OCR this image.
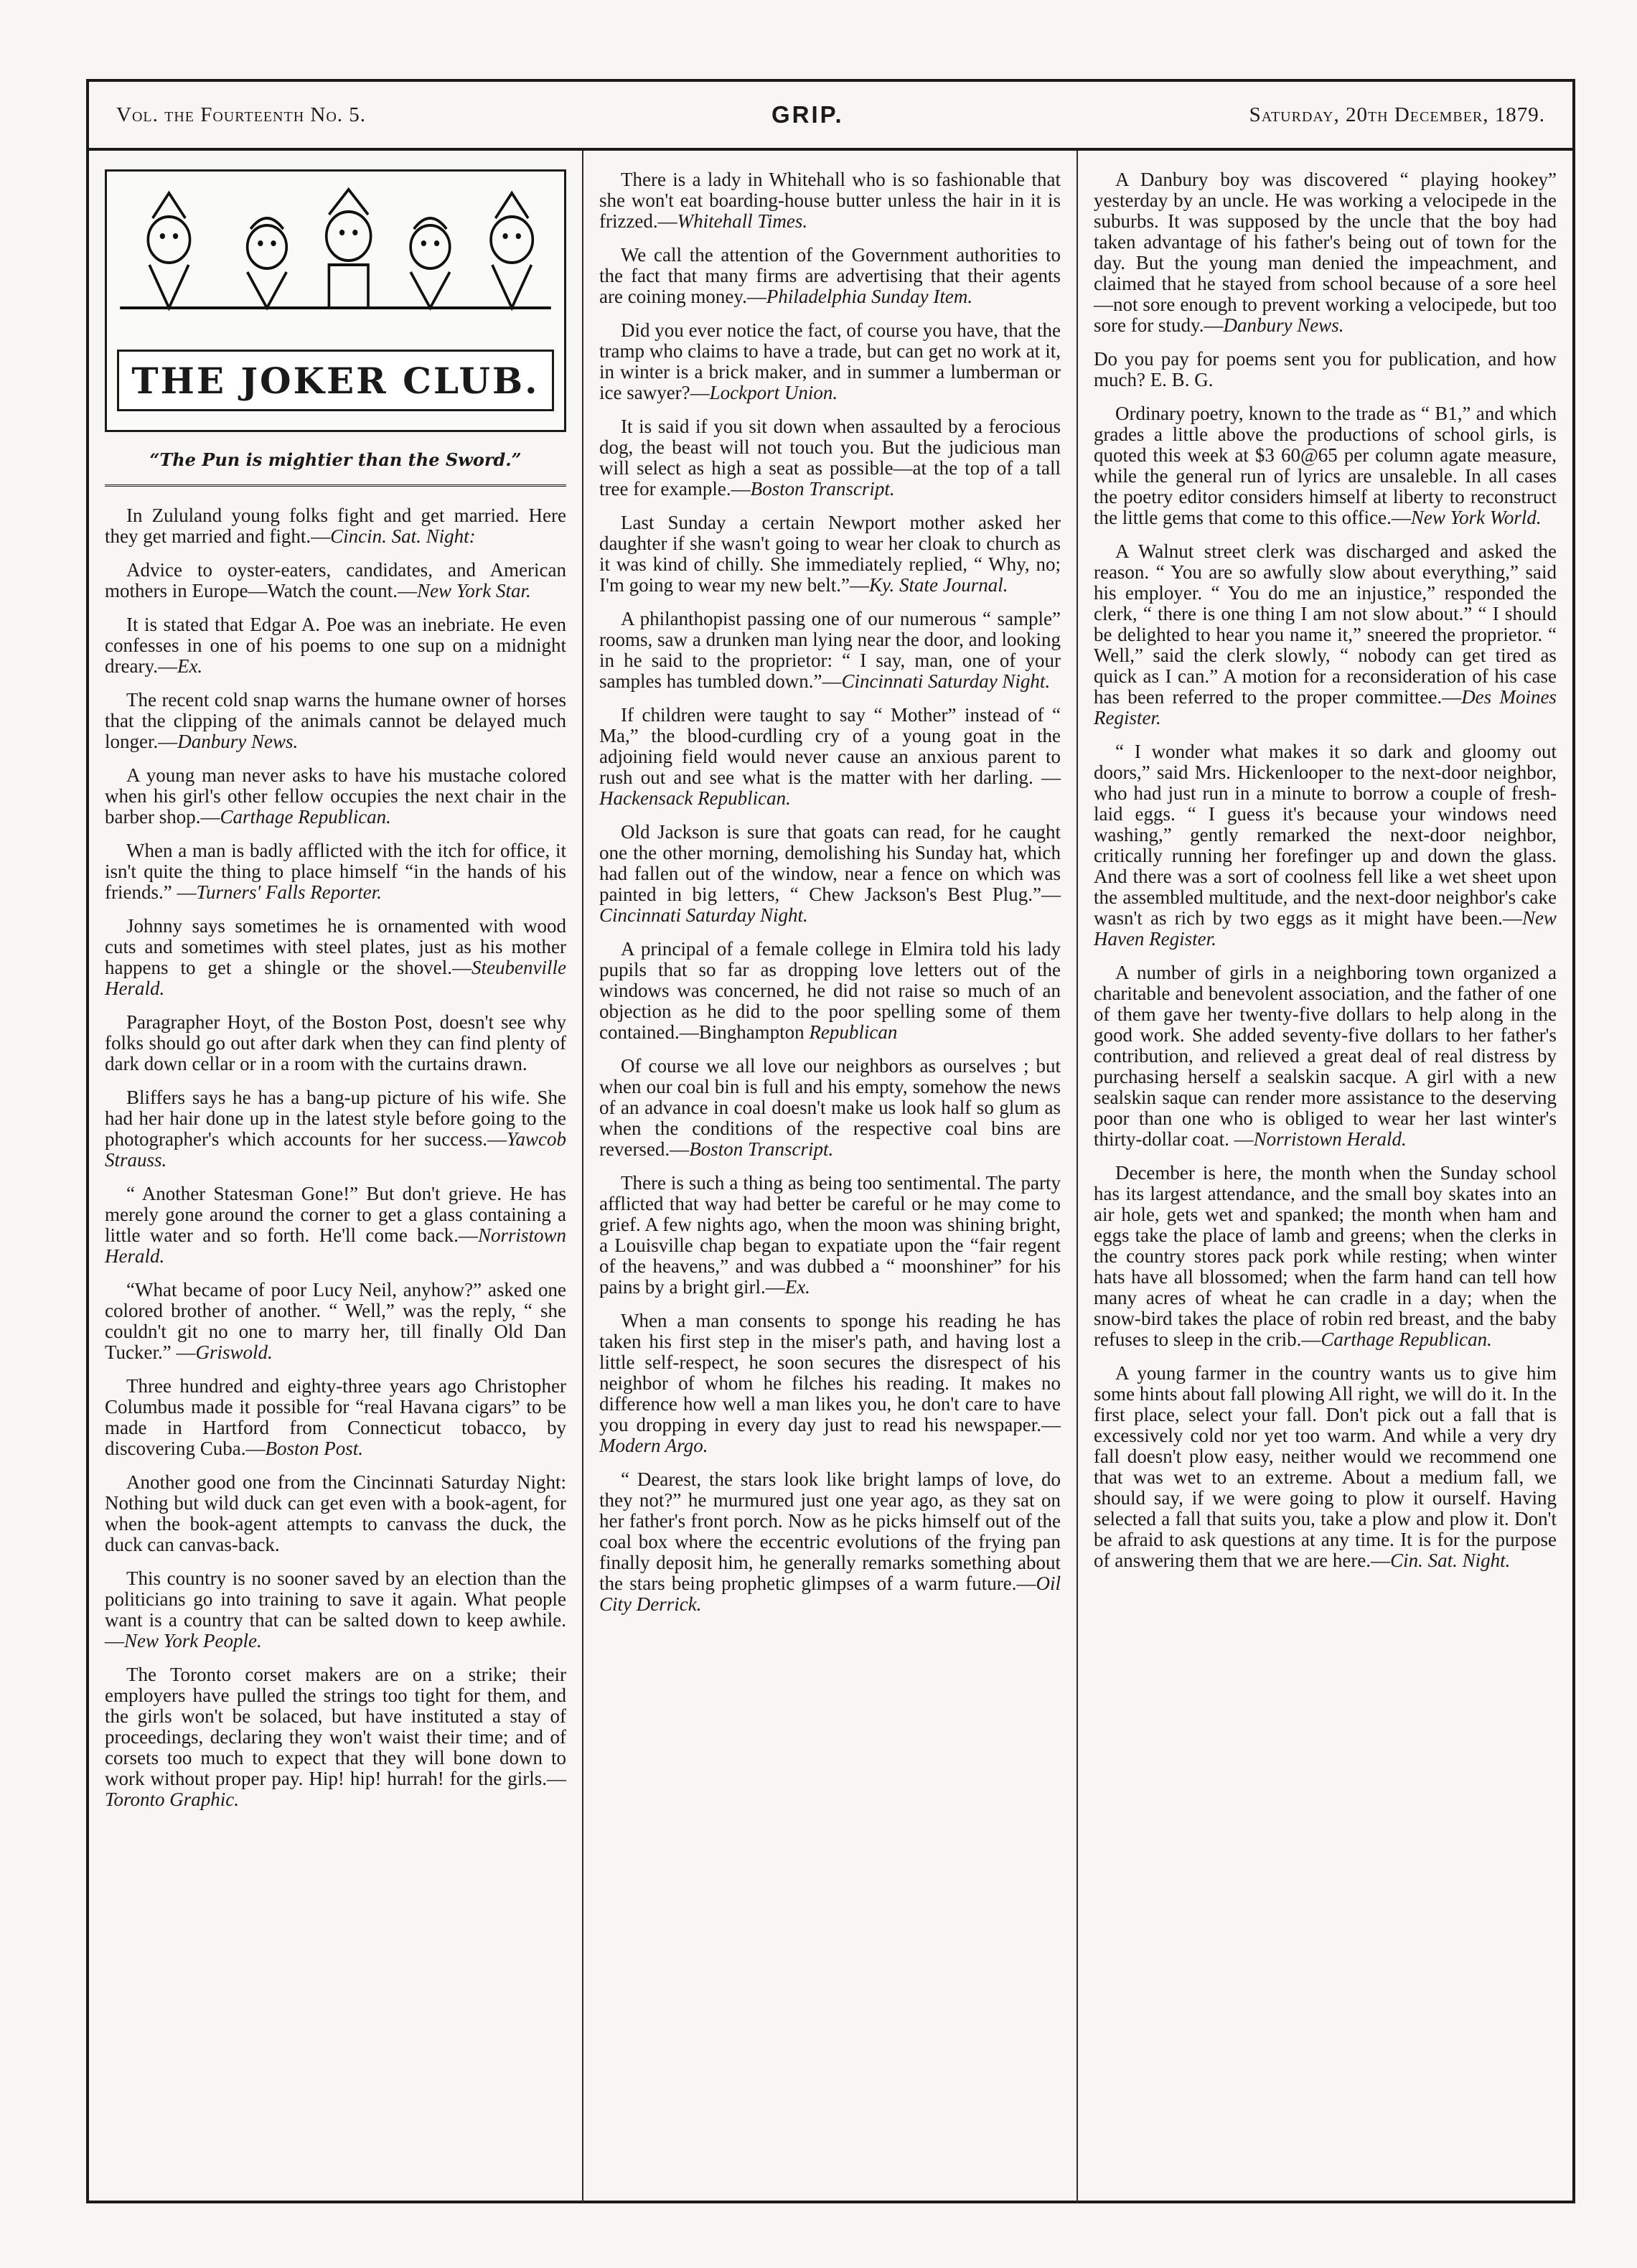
Vol. the Fourteenth No. 5.	GRIP.	Saturday, 20th December, 1879.
THE JOKER CLUB.
“The Pun is mightier than the Sword.”

In Zululand young folks fight and get married. Here they get married and fight.—Cincin. Sat. Night:

Advice to oyster-eaters, candidates, and American mothers in Europe—Watch the count.—New York Star.

It is stated that Edgar A. Poe was an inebriate. He even confesses in one of his poems to one sup on a midnight dreary.—Ex.

The recent cold snap warns the humane owner of horses that the clipping of the animals cannot be delayed much longer.—Danbury News.

A young man never asks to have his mustache colored when his girl's other fellow occupies the next chair in the barber shop.—Carthage Republican.

When a man is badly afflicted with the itch for office, it isn't quite the thing to place himself “in the hands of his friends.” —Turners' Falls Reporter.

Johnny says sometimes he is ornamented with wood cuts and sometimes with steel plates, just as his mother happens to get a shingle or the shovel.—Steubenville Herald.

Paragrapher Hoyt, of the Boston Post, doesn't see why folks should go out after dark when they can find plenty of dark down cellar or in a room with the curtains drawn.

Bliffers says he has a bang-up picture of his wife. She had her hair done up in the latest style before going to the photographer's which accounts for her success.—Yawcob Strauss.

“ Another Statesman Gone!” But don't grieve. He has merely gone around the corner to get a glass containing a little water and so forth. He'll come back.—Norristown Herald.

“What became of poor Lucy Neil, anyhow?” asked one colored brother of another. “ Well,” was the reply, “ she couldn't git no one to marry her, till finally Old Dan Tucker.” —Griswold.

Three hundred and eighty-three years ago Christopher Columbus made it possible for “real Havana cigars” to be made in Hartford from Connecticut tobacco, by discovering Cuba.—Boston Post.

Another good one from the Cincinnati Saturday Night: Nothing but wild duck can get even with a book-agent, for when the book-agent attempts to canvass the duck, the duck can canvas-back.

This country is no sooner saved by an election than the politicians go into training to save it again. What people want is a country that can be salted down to keep awhile.—New York People.

The Toronto corset makers are on a strike; their employers have pulled the strings too tight for them, and the girls won't be solaced, but have instituted a stay of proceedings, declaring they won't waist their time; and of corsets too much to expect that they will bone down to work without proper pay. Hip! hip! hurrah! for the girls.—Toronto Graphic.

There is a lady in Whitehall who is so fashionable that she won't eat boarding-house butter unless the hair in it is frizzed.—Whitehall Times.

We call the attention of the Government authorities to the fact that many firms are advertising that their agents are coining money.—Philadelphia Sunday Item.

Did you ever notice the fact, of course you have, that the tramp who claims to have a trade, but can get no work at it, in winter is a brick maker, and in summer a lumberman or ice sawyer?—Lockport Union.

It is said if you sit down when assaulted by a ferocious dog, the beast will not touch you. But the judicious man will select as high a seat as possible—at the top of a tall tree for example.—Boston Transcript.

Last Sunday a certain Newport mother asked her daughter if she wasn't going to wear her cloak to church as it was kind of chilly. She immediately replied, “ Why, no; I'm going to wear my new belt.”—Ky. State Journal.

A philanthopist passing one of our numerous “ sample” rooms, saw a drunken man lying near the door, and looking in he said to the proprietor: “ I say, man, one of your samples has tumbled down.”—Cincinnati Saturday Night.

If children were taught to say “ Mother” instead of “ Ma,” the blood-curdling cry of a young goat in the adjoining field would never cause an anxious parent to rush out and see what is the matter with her darling. —Hackensack Republican.

Old Jackson is sure that goats can read, for he caught one the other morning, demolishing his Sunday hat, which had fallen out of the window, near a fence on which was painted in big letters, “ Chew Jackson's Best Plug.”—Cincinnati Saturday Night.

A principal of a female college in Elmira told his lady pupils that so far as dropping love letters out of the windows was concerned, he did not raise so much of an objection as he did to the poor spelling some of them contained.—Binghampton Republican

Of course we all love our neighbors as ourselves ; but when our coal bin is full and his empty, somehow the news of an advance in coal doesn't make us look half so glum as when the conditions of the respective coal bins are reversed.—Boston Transcript.

There is such a thing as being too sentimental. The party afflicted that way had better be careful or he may come to grief. A few nights ago, when the moon was shining bright, a Louisville chap began to expatiate upon the “fair regent of the heavens,” and was dubbed a “ moonshiner” for his pains by a bright girl.—Ex.

When a man consents to sponge his reading he has taken his first step in the miser's path, and having lost a little self-respect, he soon secures the disrespect of his neighbor of whom he filches his reading. It makes no difference how well a man likes you, he don't care to have you dropping in every day just to read his newspaper.—Modern Argo.

“ Dearest, the stars look like bright lamps of love, do they not?” he murmured just one year ago, as they sat on her father's front porch. Now as he picks himself out of the coal box where the eccentric evolutions of the frying pan finally deposit him, he generally remarks something about the stars being prophetic glimpses of a warm future.—Oil City Derrick.

A Danbury boy was discovered “ playing hookey” yesterday by an uncle. He was working a velocipede in the suburbs. It was supposed by the uncle that the boy had taken advantage of his father's being out of town for the day. But the young man denied the impeachment, and claimed that he stayed from school because of a sore heel—not sore enough to prevent working a velocipede, but too sore for study.—Danbury News.

Do you pay for poems sent you for publication, and how much? E. B. G.

Ordinary poetry, known to the trade as “ B1,” and which grades a little above the productions of school girls, is quoted this week at $3 60@65 per column agate measure, while the general run of lyrics are unsaleble. In all cases the poetry editor considers himself at liberty to reconstruct the little gems that come to this office.—New York World.

A Walnut street clerk was discharged and asked the reason. “ You are so awfully slow about everything,” said his employer. “ You do me an injustice,” responded the clerk, “ there is one thing I am not slow about.” “ I should be delighted to hear you name it,” sneered the proprietor. “ Well,” said the clerk slowly, “ nobody can get tired as quick as I can.” A motion for a reconsideration of his case has been referred to the proper committee.—Des Moines Register.

“ I wonder what makes it so dark and gloomy out doors,” said Mrs. Hickenlooper to the next-door neighbor, who had just run in a minute to borrow a couple of fresh-laid eggs. “ I guess it's because your windows need washing,” gently remarked the next-door neighbor, critically running her forefinger up and down the glass. And there was a sort of coolness fell like a wet sheet upon the assembled multitude, and the next-door neighbor's cake wasn't as rich by two eggs as it might have been.—New Haven Register.

A number of girls in a neighboring town organized a charitable and benevolent association, and the father of one of them gave her twenty-five dollars to help along in the good work. She added seventy-five dollars to her father's contribution, and relieved a great deal of real distress by purchasing herself a sealskin sacque. A girl with a new sealskin saque can render more assistance to the deserving poor than one who is obliged to wear her last winter's thirty-dollar coat. —Norristown Herald.

December is here, the month when the Sunday school has its largest attendance, and the small boy skates into an air hole, gets wet and spanked; the month when ham and eggs take the place of lamb and greens; when the clerks in the country stores pack pork while resting; when winter hats have all blossomed; when the farm hand can tell how many acres of wheat he can cradle in a day; when the snow-bird takes the place of robin red breast, and the baby refuses to sleep in the crib.—Carthage Republican.

A young farmer in the country wants us to give him some hints about fall plowing All right, we will do it. In the first place, select your fall. Don't pick out a fall that is excessively cold nor yet too warm. And while a very dry fall doesn't plow easy, neither would we recommend one that was wet to an extreme. About a medium fall, we should say, if we were going to plow it ourself. Having selected a fall that suits you, take a plow and plow it. Don't be afraid to ask questions at any time. It is for the purpose of answering them that we are here.—Cin. Sat. Night.
